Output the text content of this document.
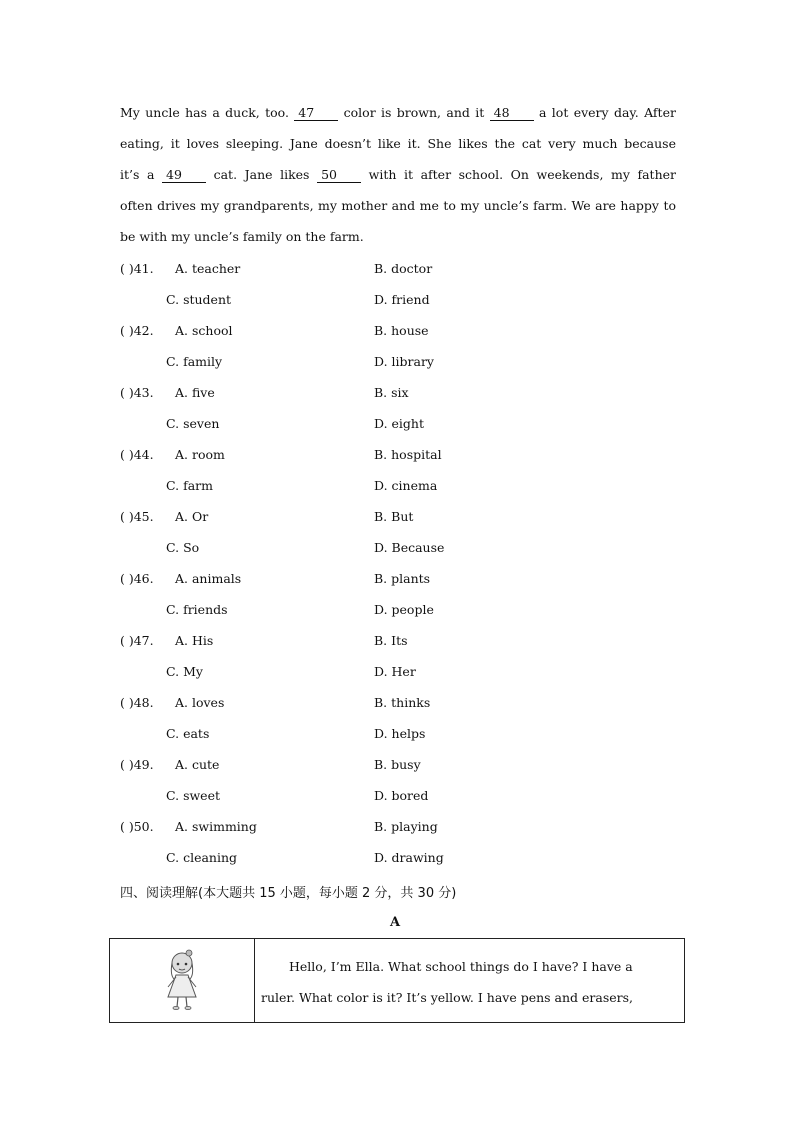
My uncle has a duck, too. 47 color is brown, and it 48 a lot every day. After
eating, it loves sleeping. Jane doesn’t like it. She likes the cat very much because
it’s a 49	cat. Jane likes 50	with it after school. On weekends, my father
often drives my grandparents, my mother and me to my uncle’s farm. We are happy to
be with my uncle’s family on the farm.
( )41. A. teacher	B. doctor
C. student	D. friend
( )42. A. school	B. house
C. family	D. library
( )43. A. five	B. six
C. seven	D. eight
( )44. A. room	B. hospital
C. farm	D. cinema
( )45. A. Or	B. But
C. So	D. Because
( )46. A. animals	B. plants
C. friends	D. people
( )47. A. His	B. Its
C. My	D. Her
( )48. A. loves	B. thinks
C. eats	D. helps
( )49. A. cute	B. busy
C. sweet	D. bored
( )50. A. swimming	B. playing
C. cleaning	D. drawing
四、阅读理解(本大题共 15 小题，每小题 2 分，共 30 分)
A
Hello, I’m Ella. What school things do I have? I have a
ruler. What color is it? It’s yellow. I have pens and erasers,
